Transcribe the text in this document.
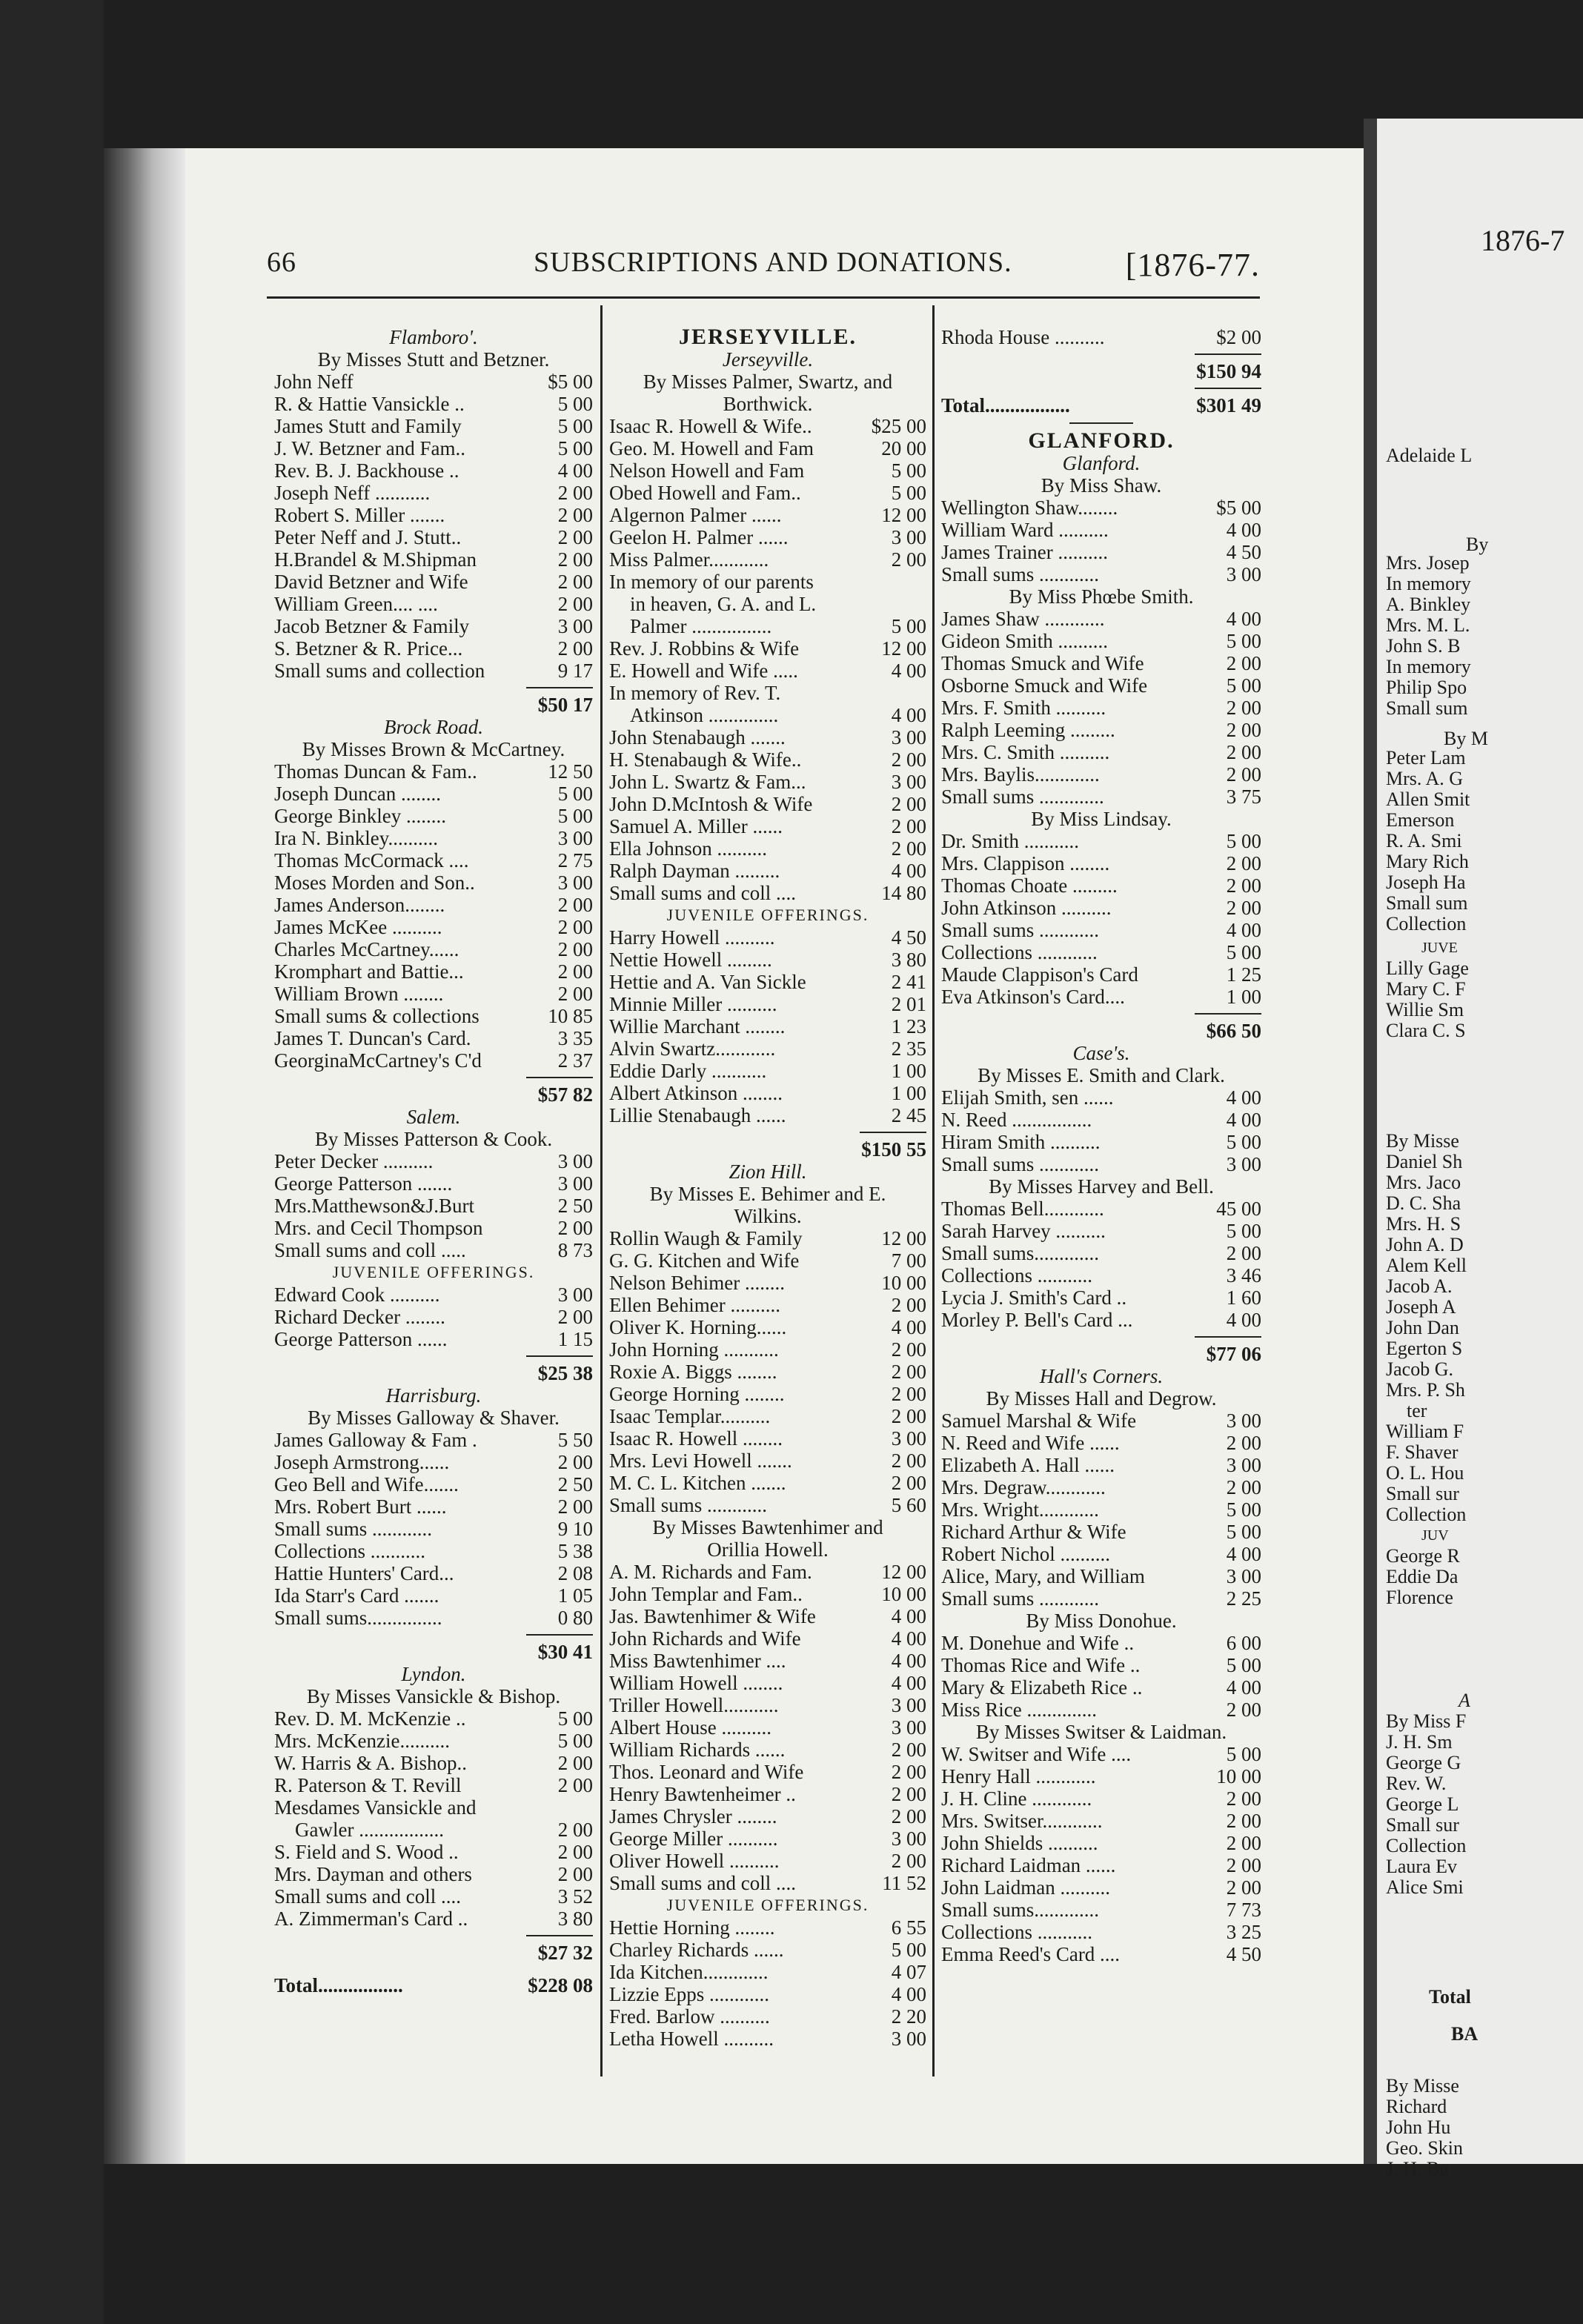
66	SUBSCRIPTIONS AND DONATIONS.	[1876-77.
Flamboro'.
By Misses Stutt and Betzner.
John Neff	$5 00
R. & Hattie Vansickle ..	5 00
James Stutt and Family	5 00
J. W. Betzner and Fam..	5 00
Rev. B. J. Backhouse ..	4 00
Joseph Neff ...........	2 00
Robert S. Miller .......	2 00
Peter Neff and J. Stutt..	2 00
H.Brandel & M.Shipman	2 00
David Betzner and Wife	2 00
William Green.... ....	2 00
Jacob Betzner & Family	3 00
S. Betzner & R. Price...	2 00
Small sums and collection	9 17
$50 17
Brock Road.
By Misses Brown & McCartney.
Thomas Duncan & Fam..	12 50
Joseph Duncan ........	5 00
George Binkley ........	5 00
Ira N. Binkley..........	3 00
Thomas McCormack ....	2 75
Moses Morden and Son..	3 00
James Anderson........	2 00
James McKee ..........	2 00
Charles McCartney......	2 00
Kromphart and Battie...	2 00
William Brown ........	2 00
Small sums & collections	10 85
James T. Duncan's Card.	3 35
GeorginaMcCartney's C'd	2 37
$57 82
Salem.
By Misses Patterson & Cook.
Peter Decker ..........	3 00
George Patterson .......	3 00
Mrs.Matthewson&J.Burt	2 50
Mrs. and Cecil Thompson	2 00
Small sums and coll .....	8 73
JUVENILE OFFERINGS.
Edward Cook ..........	3 00
Richard Decker ........	2 00
George Patterson ......	1 15
$25 38
Harrisburg.
By Misses Galloway & Shaver.
James Galloway & Fam .	5 50
Joseph Armstrong......	2 00
Geo Bell and Wife.......	2 50
Mrs. Robert Burt ......	2 00
Small sums ............	9 10
Collections ...........	5 38
Hattie Hunters' Card...	2 08
Ida Starr's Card .......	1 05
Small sums...............	0 80
$30 41
Lyndon.
By Misses Vansickle & Bishop.
Rev. D. M. McKenzie ..	5 00
Mrs. McKenzie..........	5 00
W. Harris & A. Bishop..	2 00
R. Paterson & T. Revill	2 00
Mesdames Vansickle and
Gawler .................	2 00
S. Field and S. Wood ..	2 00
Mrs. Dayman and others	2 00
Small sums and coll ....	3 52
A. Zimmerman's Card ..	3 80
$27 32
Total.................	$228 08
JERSEYVILLE.
Jerseyville.
By Misses Palmer, Swartz, and
Borthwick.
Isaac R. Howell & Wife..	$25 00
Geo. M. Howell and Fam	20 00
Nelson Howell and Fam	5 00
Obed Howell and Fam..	5 00
Algernon Palmer ......	12 00
Geelon H. Palmer ......	3 00
Miss Palmer............	2 00
In memory of our parents
in heaven, G. A. and L.
Palmer ................	5 00
Rev. J. Robbins & Wife	12 00
E. Howell and Wife .....	4 00
In memory of Rev. T.
Atkinson ..............	4 00
John Stenabaugh .......	3 00
H. Stenabaugh & Wife..	2 00
John L. Swartz & Fam...	3 00
John D.McIntosh & Wife	2 00
Samuel A. Miller ......	2 00
Ella Johnson ..........	2 00
Ralph Dayman .........	4 00
Small sums and coll ....	14 80
JUVENILE OFFERINGS.
Harry Howell ..........	4 50
Nettie Howell .........	3 80
Hettie and A. Van Sickle	2 41
Minnie Miller ..........	2 01
Willie Marchant ........	1 23
Alvin Swartz............	2 35
Eddie Darly ...........	1 00
Albert Atkinson ........	1 00
Lillie Stenabaugh ......	2 45
$150 55
Zion Hill.
By Misses E. Behimer and E.
Wilkins.
Rollin Waugh & Family	12 00
G. G. Kitchen and Wife	7 00
Nelson Behimer ........	10 00
Ellen Behimer ..........	2 00
Oliver K. Horning......	4 00
John Horning ...........	2 00
Roxie A. Biggs ........	2 00
George Horning ........	2 00
Isaac Templar..........	2 00
Isaac R. Howell ........	3 00
Mrs. Levi Howell .......	2 00
M. C. L. Kitchen .......	2 00
Small sums ............	5 60
By Misses Bawtenhimer and
Orillia Howell.
A. M. Richards and Fam.	12 00
John Templar and Fam..	10 00
Jas. Bawtenhimer & Wife	4 00
John Richards and Wife	4 00
Miss Bawtenhimer ....	4 00
William Howell ........	4 00
Triller Howell...........	3 00
Albert House ..........	3 00
William Richards ......	2 00
Thos. Leonard and Wife	2 00
Henry Bawtenheimer ..	2 00
James Chrysler ........	2 00
George Miller ..........	3 00
Oliver Howell ..........	2 00
Small sums and coll ....	11 52
JUVENILE OFFERINGS.
Hettie Horning ........	6 55
Charley Richards ......	5 00
Ida Kitchen.............	4 07
Lizzie Epps ............	4 00
Fred. Barlow ..........	2 20
Letha Howell ..........	3 00
Rhoda House ..........	$2 00
$150 94
Total.................	$301 49
GLANFORD.
Glanford.
By Miss Shaw.
Wellington Shaw........	$5 00
William Ward ..........	4 00
James Trainer ..........	4 50
Small sums ............	3 00
By Miss Phœbe Smith.
James Shaw ............	4 00
Gideon Smith ..........	5 00
Thomas Smuck and Wife	2 00
Osborne Smuck and Wife	5 00
Mrs. F. Smith ..........	2 00
Ralph Leeming .........	2 00
Mrs. C. Smith ..........	2 00
Mrs. Baylis.............	2 00
Small sums .............	3 75
By Miss Lindsay.
Dr. Smith ...........	5 00
Mrs. Clappison ........	2 00
Thomas Choate .........	2 00
John Atkinson ..........	2 00
Small sums ............	4 00
Collections ............	5 00
Maude Clappison's Card	1 25
Eva Atkinson's Card....	1 00
$66 50
Case's.
By Misses E. Smith and Clark.
Elijah Smith, sen ......	4 00
N. Reed ................	4 00
Hiram Smith ..........	5 00
Small sums ............	3 00
By Misses Harvey and Bell.
Thomas Bell............	45 00
Sarah Harvey ..........	5 00
Small sums.............	2 00
Collections ...........	3 46
Lycia J. Smith's Card ..	1 60
Morley P. Bell's Card ...	4 00
$77 06
Hall's Corners.
By Misses Hall and Degrow.
Samuel Marshal & Wife	3 00
N. Reed and Wife ......	2 00
Elizabeth A. Hall ......	3 00
Mrs. Degraw............	2 00
Mrs. Wright............	5 00
Richard Arthur & Wife	5 00
Robert Nichol ..........	4 00
Alice, Mary, and William	3 00
Small sums ............	2 25
By Miss Donohue.
M. Donehue and Wife ..	6 00
Thomas Rice and Wife ..	5 00
Mary & Elizabeth Rice ..	4 00
Miss Rice ..............	2 00
By Misses Switser & Laidman.
W. Switser and Wife ....	5 00
Henry Hall ............	10 00
J. H. Cline ............	2 00
Mrs. Switser............	2 00
John Shields ..........	2 00
Richard Laidman ......	2 00
John Laidman ..........	2 00
Small sums.............	7 73
Collections ...........	3 25
Emma Reed's Card ....	4 50
1876-7
Adelaide L
By
Mrs. Josep
In memory
A. Binkley
Mrs. M. L.
John S. B
In memory
Philip Spo
Small sum
By M
Peter Lam
Mrs. A. G
Allen Smit
Emerson
R. A. Smi
Mary Rich
Joseph Ha
Small sum
Collection
JUVE
Lilly Gage
Mary C. F
Willie Sm
Clara C. S
By Misse
Daniel Sh
Mrs. Jaco
D. C. Sha
Mrs. H. S
John A. D
Alem Kell
Jacob A.
Joseph A
John Dan
Egerton S
Jacob G.
Mrs. P. Sh
ter
William F
F. Shaver
O. L. Hou
Small sur
Collection
JUV
George R
Eddie Da
Florence
A
By Miss F
J. H. Sm
George G
Rev. W.
George L
Small sur
Collection
Laura Ev
Alice Smi
Total
BA
By Misse
Richard
John Hu
Geo. Skin
J. H. Bu
